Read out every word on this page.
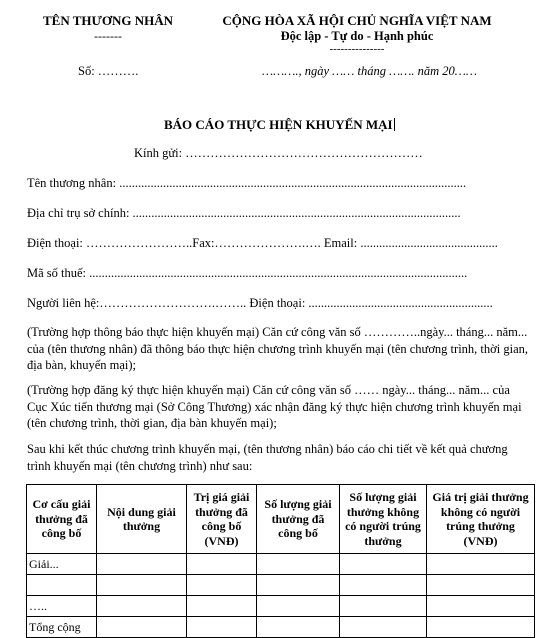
TÊN THƯƠNG NHÂN
-------
CỘNG HÒA XÃ HỘI CHỦ NGHĨA VIỆT NAM
Độc lập - Tự do - Hạnh phúc
---------------
Số: ……….	………., ngày …… tháng ……. năm 20……
BÁO CÁO THỰC HIỆN KHUYẾN MẠI
Kính gửi: …………………………………………………
Tên thương nhân: ...............................................................................................................
Địa chỉ trụ sở chính: .........................................................................................................
Điện thoại: ……………………..Fax:………………….…. Email: ............................................
Mã số thuế: .........................................................................................................................
Người liên hệ:……………………….…….. Điện thoại: ...........................................................
(Trường hợp thông báo thực hiện khuyến mại) Căn cứ công văn số …………..ngày... tháng... năm... của (tên thương nhân) đã thông báo thực hiện chương trình khuyến mại (tên chương trình, thời gian, địa bàn, khuyến mại);
(Trường hợp đăng ký thực hiện khuyến mại) Căn cứ công văn số …… ngày... tháng... năm... của Cục Xúc tiến thương mại (Sở Công Thương) xác nhận đăng ký thực hiện chương trình khuyến mại (tên chương trình, thời gian, địa bàn khuyến mại);
Sau khi kết thúc chương trình khuyến mại, (tên thương nhân) báo cáo chi tiết về kết quả chương trình khuyến mại (tên chương trình) như sau:
Cơ cấu giải thưởng đã công bố	Nội dung giải thưởng	Trị giá giải thưởng đã công bố (VNĐ)	Số lượng giải thưởng đã công bố	Số lượng giải thưởng không có người trúng thưởng	Giá trị giải thưởng không có người trúng thưởng (VNĐ)
Giải...					

…..					
Tổng cộng					
